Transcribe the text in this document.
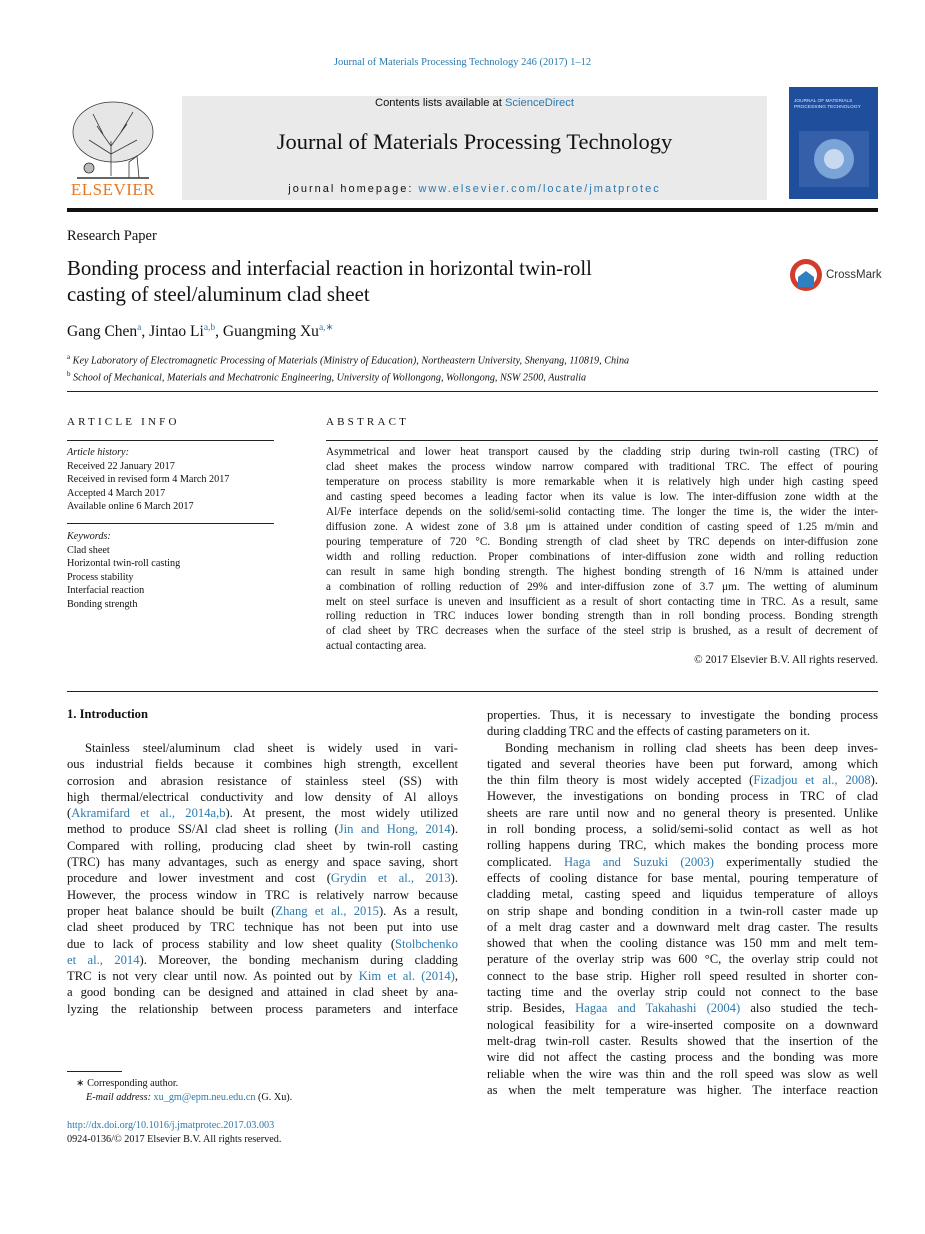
Journal of Materials Processing Technology 246 (2017) 1–12
ELSEVIER
Contents lists available at ScienceDirect
Journal of Materials Processing Technology
journal homepage: www.elsevier.com/locate/jmatprotec
JOURNAL OF MATERIALS PROCESSING TECHNOLOGY
Research Paper
Bonding process and interfacial reaction in horizontal twin-roll
casting of steel/aluminum clad sheet
CrossMark
Gang Chen$^a$, Jintao Li$^{a,b}$, Guangming $Xu^{a,∗}$
$^a$ Key Laboratory of Electromagnetic Processing of Materials (Ministry of Education), Northeastern University, Shenyang, 110819, China
$^b$ School of Mechanical, Materials and Mechatronic Engineering, University of Wollongong, Wollongong, NSW 2500, Australia
ARTICLE INFO
Article history:
Received 22 January 2017
Received in revised form 4 March 2017
Accepted 4 March 2017
Available online 6 March 2017
Keywords:
Clad sheet
Horizontal twin-roll casting
Process stability
Interfacial reaction
Bonding strength
ABSTRACT
Asymmetrical and lower heat transport caused by the cladding strip during twin-roll casting (TRC) of
clad sheet makes the process window narrow compared with traditional TRC. The effect of pouring
temperature on process stability is more remarkable when it is relatively high under high casting speed
and casting speed becomes a leading factor when its value is low. The inter-diffusion zone width at the
Al/Fe interface depends on the solid/semi-solid contacting time. The longer the time is, the wider the inter-
diffusion zone. A widest zone of 3.8 μm is attained under condition of casting speed of 1.25 m/min and
pouring temperature of 720 °C. Bonding strength of clad sheet by TRC depends on inter-diffusion zone
width and rolling reduction. Proper combinations of inter-diffusion zone width and rolling reduction
can result in same high bonding strength. The highest bonding strength of 16 N/mm is attained under
a combination of rolling reduction of 29% and inter-diffusion zone of 3.7 μm. The wetting of aluminum
melt on steel surface is uneven and insufficient as a result of short contacting time in TRC. As a result, same
rolling reduction in TRC induces lower bonding strength than in roll bonding process. Bonding strength
of clad sheet by TRC decreases when the surface of the steel strip is brushed, as a result of decrement of
actual contacting area.
© 2017 Elsevier B.V. All rights reserved.
1. Introduction
Stainless steel/aluminum clad sheet is widely used in vari-
ous industrial fields because it combines high strength, excellent
corrosion and abrasion resistance of stainless steel (SS) with
high thermal/electrical conductivity and low density of Al alloys
(Akramifard et al., 2014a,b). At present, the most widely utilized
method to produce SS/Al clad sheet is rolling (Jin and Hong, 2014).
Compared with rolling, producing clad sheet by twin-roll casting
(TRC) has many advantages, such as energy and space saving, short
procedure and lower investment and cost (Grydin et al., 2013).
However, the process window in TRC is relatively narrow because
proper heat balance should be built (Zhang et al., 2015). As a result,
clad sheet produced by TRC technique has not been put into use
due to lack of process stability and low sheet quality (Stolbchenko
et al., 2014). Moreover, the bonding mechanism during cladding
TRC is not very clear until now. As pointed out by Kim et al. (2014),
a good bonding can be designed and attained in clad sheet by ana-
lyzing the relationship between process parameters and interface
properties. Thus, it is necessary to investigate the bonding process
during cladding TRC and the effects of casting parameters on it.
Bonding mechanism in rolling clad sheets has been deep inves-
tigated and several theories have been put forward, among which
the thin film theory is most widely accepted (Fizadjou et al., 2008).
However, the investigations on bonding process in TRC of clad
sheets are rare until now and no general theory is presented. Unlike
in roll bonding process, a solid/semi-solid contact as well as hot
rolling happens during TRC, which makes the bonding process more
complicated. Haga and Suzuki (2003) experimentally studied the
effects of cooling distance for base mental, pouring temperature of
cladding metal, casting speed and liquidus temperature of alloys
on strip shape and bonding condition in a twin-roll caster made up
of a melt drag caster and a downward melt drag caster. The results
showed that when the cooling distance was 150 mm and melt tem-
perature of the overlay strip was 600 °C, the overlay strip could not
connect to the base strip. Higher roll speed resulted in shorter con-
tacting time and the overlay strip could not connect to the base
strip. Besides, Hagaa and Takahashi (2004) also studied the tech-
nological feasibility for a wire-inserted composite on a downward
melt-drag twin-roll caster. Results showed that the insertion of the
wire did not affect the casting process and the bonding was more
reliable when the wire was thin and the roll speed was slow as well
as when the melt temperature was higher. The interface reaction
∗ Corresponding author.
E-mail address: xu_gm@epm.neu.edu.cn (G. Xu).
http://dx.doi.org/10.1016/j.jmatprotec.2017.03.003
0924-0136/© 2017 Elsevier B.V. All rights reserved.
